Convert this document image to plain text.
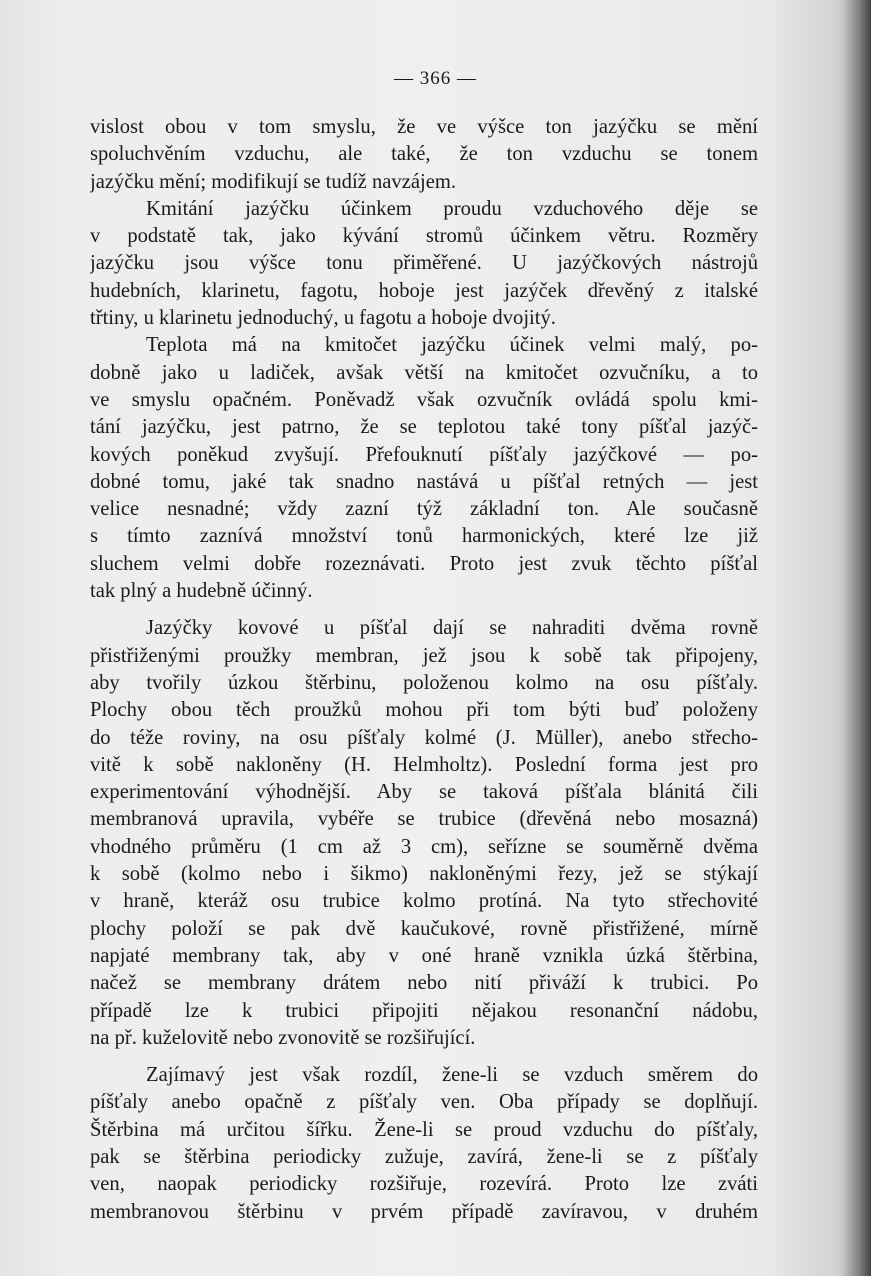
— 366 —
vislost obou v tom smyslu, že ve výšce ton jazýčku se mění
spoluchvěním vzduchu, ale také, že ton vzduchu se tonem
jazýčku mění; modifikují se tudíž navzájem.
Kmitání jazýčku účinkem proudu vzduchového děje se
v podstatě tak, jako kývání stromů účinkem větru. Rozměry
jazýčku jsou výšce tonu přiměřené. U jazýčkových nástrojů
hudebních, klarinetu, fagotu, hoboje jest jazýček dřevěný z italské
třtiny, u klarinetu jednoduchý, u fagotu a hoboje dvojitý.
Teplota má na kmitočet jazýčku účinek velmi malý, po-
dobně jako u ladiček, avšak větší na kmitočet ozvučníku, a to
ve smyslu opačném. Poněvadž však ozvučník ovládá spolu kmi-
tání jazýčku, jest patrno, že se teplotou také tony píšťal jazýč-
kových poněkud zvyšují. Přefouknutí píšťaly jazýčkové — po-
dobné tomu, jaké tak snadno nastává u píšťal retných — jest
velice nesnadné; vždy zazní týž základní ton. Ale současně
s tímto zaznívá množství tonů harmonických, které lze již
sluchem velmi dobře rozeznávati. Proto jest zvuk těchto píšťal
tak plný a hudebně účinný.
Jazýčky kovové u píšťal dají se nahraditi dvěma rovně
přistřiženými proužky membran, jež jsou k sobě tak připojeny,
aby tvořily úzkou štěrbinu, položenou kolmo na osu píšťaly.
Plochy obou těch proužků mohou při tom býti buď položeny
do téže roviny, na osu píšťaly kolmé (J. Müller), anebo střecho-
vitě k sobě nakloněny (H. Helmholtz). Poslední forma jest pro
experimentování výhodnější. Aby se taková píšťala blánitá čili
membranová upravila, vybéře se trubice (dřevěná nebo mosazná)
vhodného průměru (1 cm až 3 cm), seřízne se souměrně dvěma
k sobě (kolmo nebo i šikmo) nakloněnými řezy, jež se stýkají
v hraně, kteráž osu trubice kolmo protíná. Na tyto střechovité
plochy položí se pak dvě kaučukové, rovně přistřižené, mírně
napjaté membrany tak, aby v oné hraně vznikla úzká štěrbina,
načež se membrany drátem nebo nití přiváží k trubici. Po
případě lze k trubici připojiti nějakou resonanční nádobu,
na př. kuželovitě nebo zvonovitě se rozšiřující.
Zajímavý jest však rozdíl, žene-li se vzduch směrem do
píšťaly anebo opačně z píšťaly ven. Oba případy se doplňují.
Štěrbina má určitou šířku. Žene-li se proud vzduchu do píšťaly,
pak se štěrbina periodicky zužuje, zavírá, žene-li se z píšťaly
ven, naopak periodicky rozšiřuje, rozevírá. Proto lze zváti
membranovou štěrbinu v prvém případě zavíravou, v druhém
